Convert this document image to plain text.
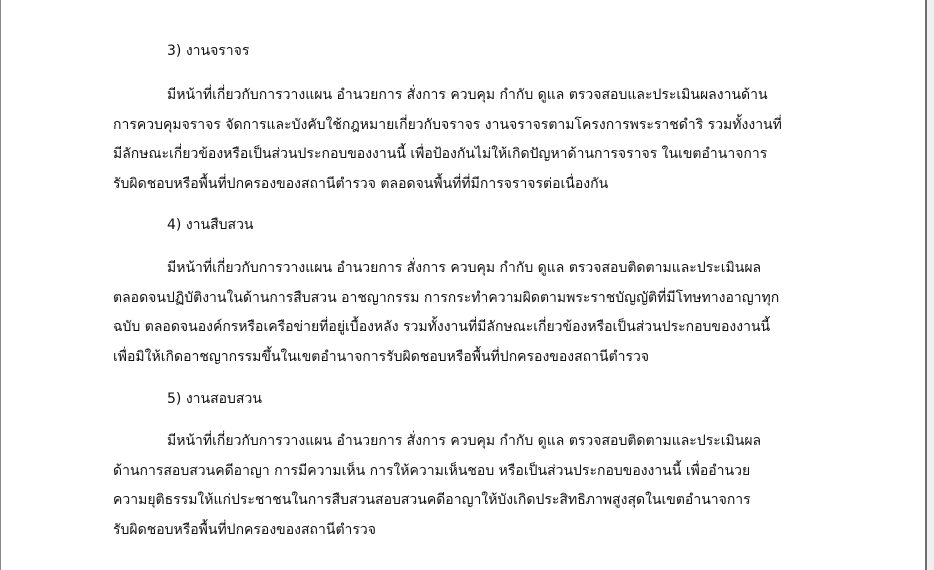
3) งานจราจร
มีหน้าที่เกี่ยวกับการวางแผน อำนวยการ สั่งการ ควบคุม กำกับ ดูแล ตรวจสอบและประเมินผลงานด้าน
การควบคุมจราจร จัดการและบังคับใช้กฎหมายเกี่ยวกับจราจร งานจราจรตามโครงการพระราชดำริ รวมทั้งงานที่
มีลักษณะเกี่ยวข้องหรือเป็นส่วนประกอบของงานนี้ เพื่อป้องกันไม่ให้เกิดปัญหาด้านการจราจร ในเขตอำนาจการ
รับผิดชอบหรือพื้นที่ปกครองของสถานีตำรวจ ตลอดจนพื้นที่ที่มีการจราจรต่อเนื่องกัน
4) งานสืบสวน
มีหน้าที่เกี่ยวกับการวางแผน อำนวยการ สั่งการ ควบคุม กำกับ ดูแล ตรวจสอบติดตามและประเมินผล
ตลอดจนปฏิบัติงานในด้านการสืบสวน อาชญากรรม การกระทำความผิดตามพระราชบัญญัติที่มีโทษทางอาญาทุก
ฉบับ ตลอดจนองค์กรหรือเครือข่ายที่อยู่เบื้องหลัง รวมทั้งงานที่มีลักษณะเกี่ยวข้องหรือเป็นส่วนประกอบของงานนี้
เพื่อมิให้เกิดอาชญากรรมขึ้นในเขตอำนาจการรับผิดชอบหรือพื้นที่ปกครองของสถานีตำรวจ
5) งานสอบสวน
มีหน้าที่เกี่ยวกับการวางแผน อำนวยการ สั่งการ ควบคุม กำกับ ดูแล ตรวจสอบติดตามและประเมินผล
ด้านการสอบสวนคดีอาญา การมีความเห็น การให้ความเห็นชอบ หรือเป็นส่วนประกอบของงานนี้ เพื่ออำนวย
ความยุติธรรมให้แก่ประชาชนในการสืบสวนสอบสวนคดีอาญาให้บังเกิดประสิทธิภาพสูงสุดในเขตอำนาจการ
รับผิดชอบหรือพื้นที่ปกครองของสถานีตำรวจ
